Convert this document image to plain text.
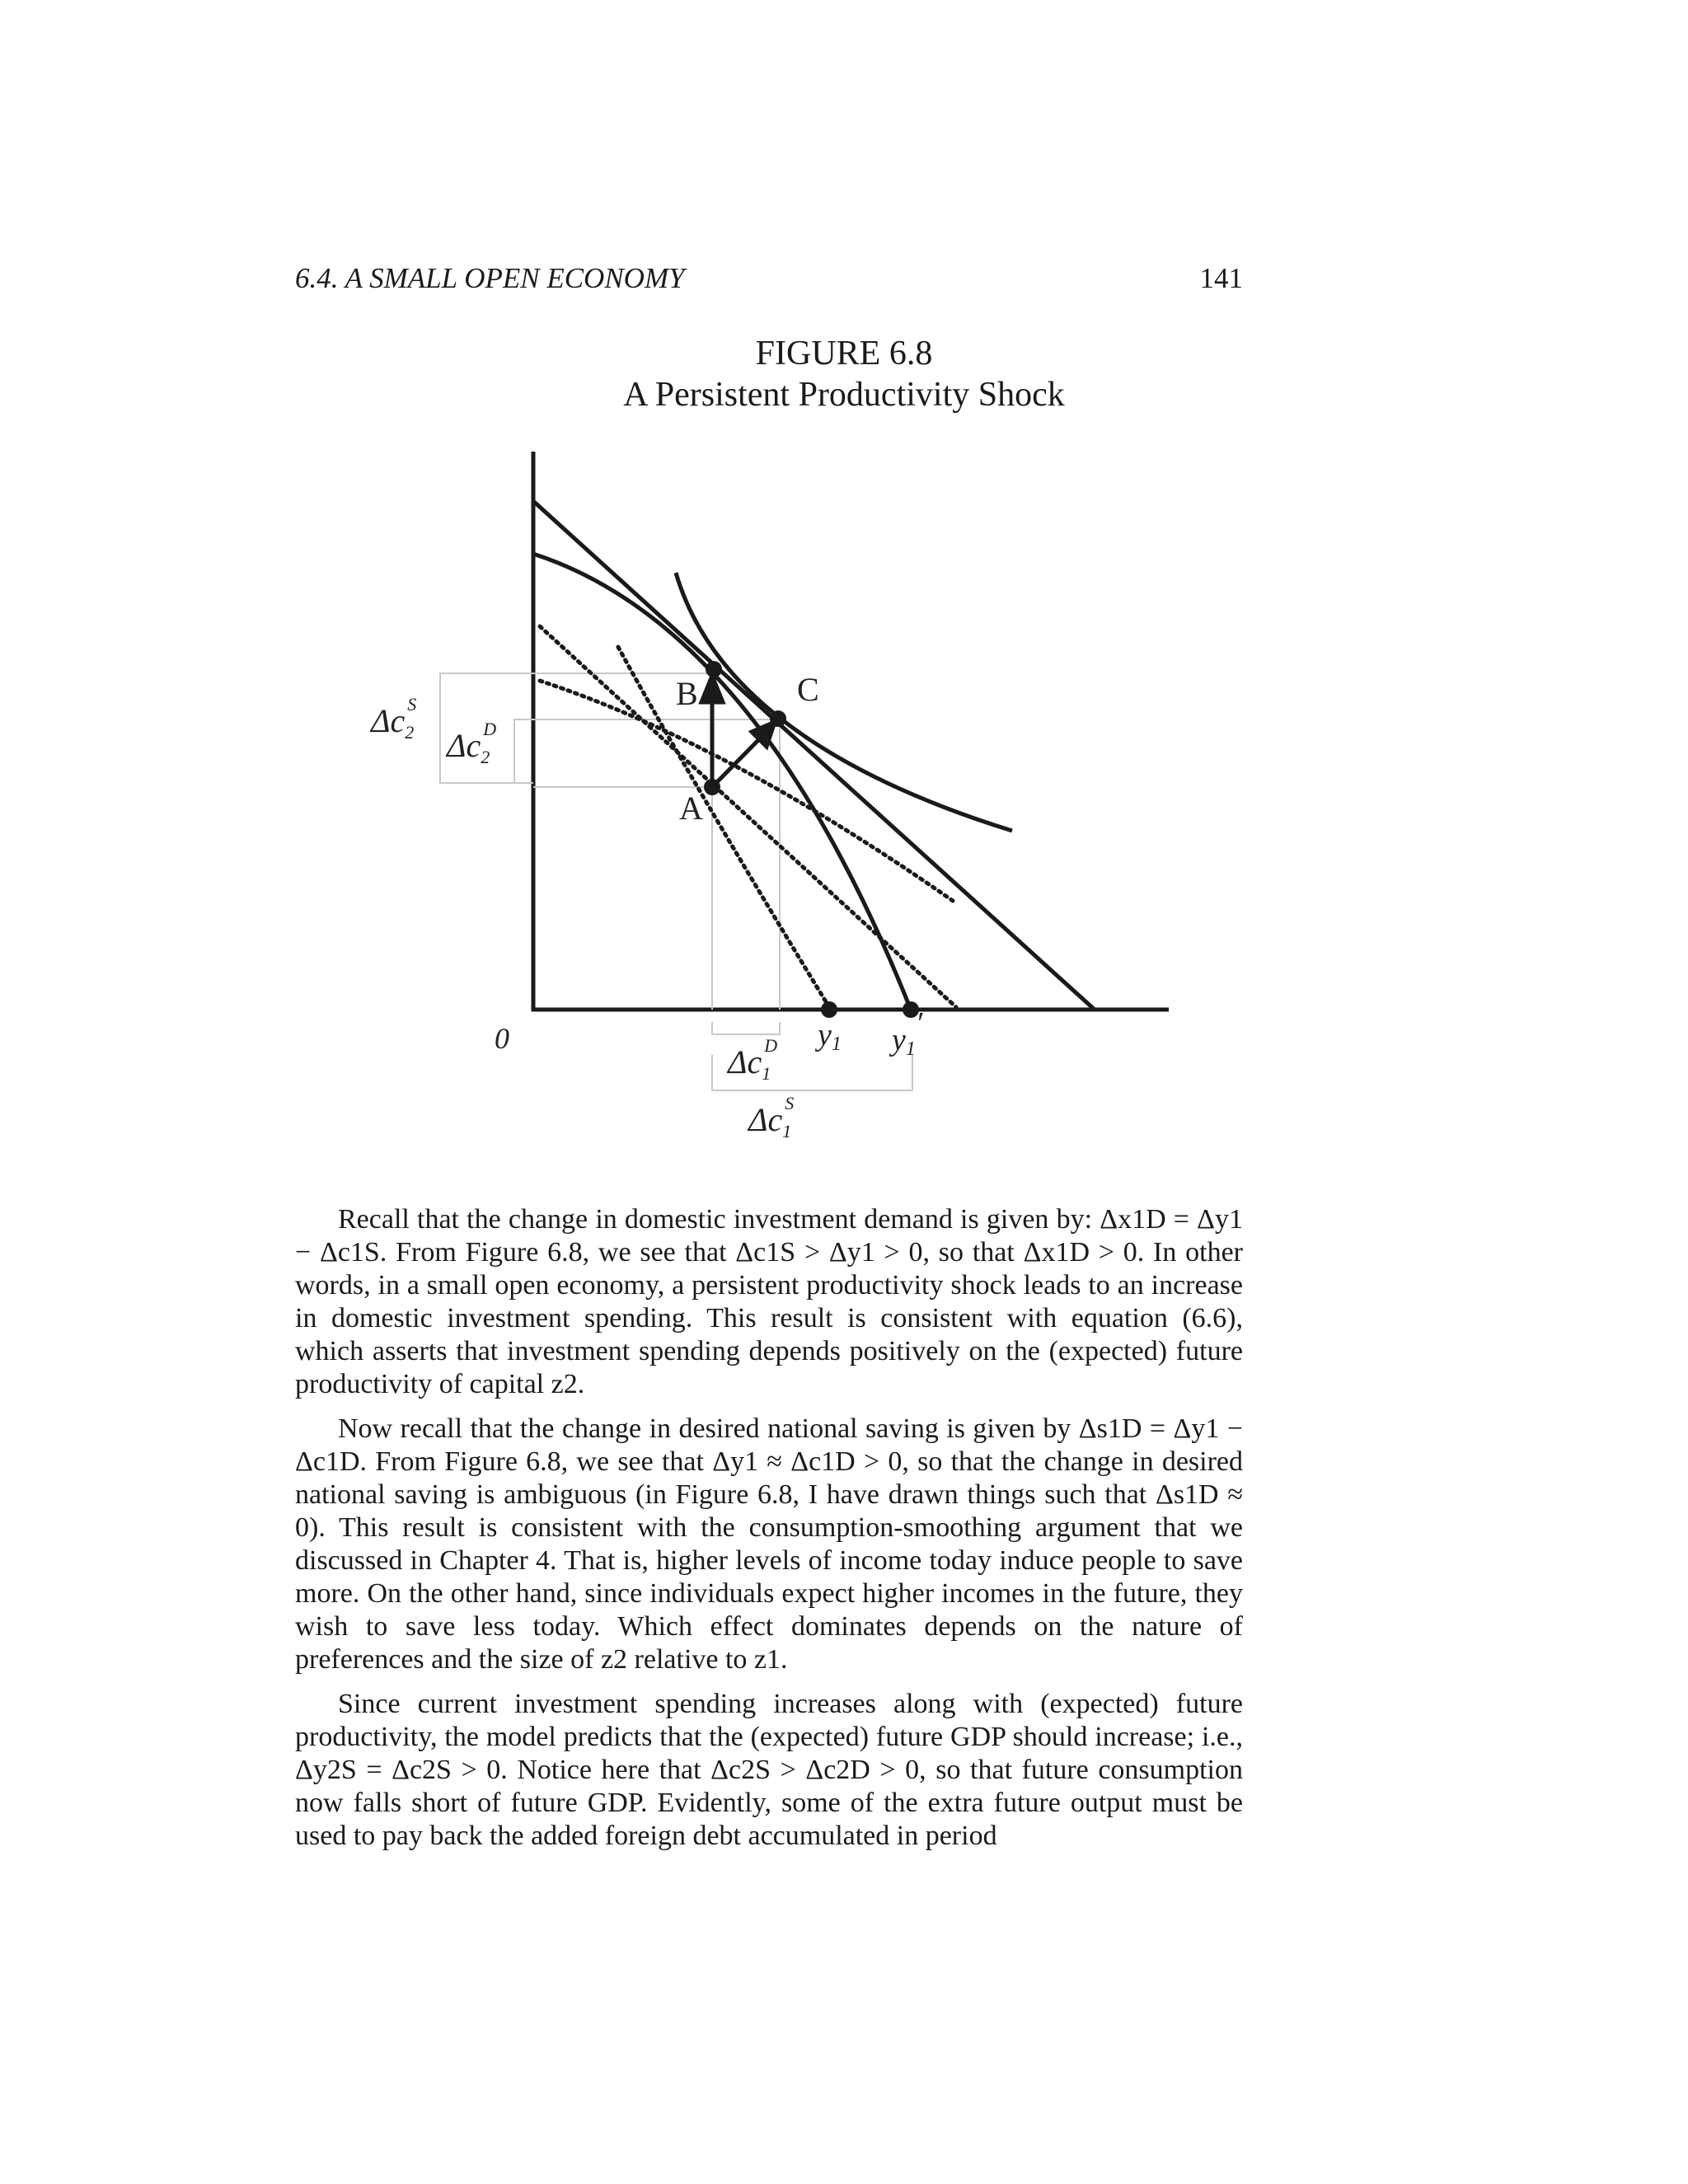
6.4. A SMALL OPEN ECONOMY	141
FIGURE 6.8
A Persistent Productivity Shock
A
B	C
0	y1 y1′
$\Delta c_2S$
$\Delta c_2D$
$\Delta c_1D$
$\Delta c_1S$

Recall that the change in domestic investment demand is given by: Δx1D = Δy1 − Δc1S. From Figure 6.8, we see that Δc1S > Δy1 > 0, so that Δx1D > 0. In other words, in a small open economy, a persistent productivity shock leads to an increase in domestic investment spending. This result is consistent with equation (6.6), which asserts that investment spending depends positively on the (expected) future productivity of capital z2.

Now recall that the change in desired national saving is given by Δs1D = Δy1 − Δc1D. From Figure 6.8, we see that Δy1 ≈ Δc1D > 0, so that the change in desired national saving is ambiguous (in Figure 6.8, I have drawn things such that Δs1D ≈ 0). This result is consistent with the consumption-smoothing argument that we discussed in Chapter 4. That is, higher levels of income today induce people to save more. On the other hand, since individuals expect higher incomes in the future, they wish to save less today. Which effect dominates depends on the nature of preferences and the size of z2 relative to z1.

Since current investment spending increases along with (expected) future productivity, the model predicts that the (expected) future GDP should increase; i.e., Δy2S = Δc2S > 0. Notice here that Δc2S > Δc2D > 0, so that future consumption now falls short of future GDP. Evidently, some of the extra future output must be used to pay back the added foreign debt accumulated in period
